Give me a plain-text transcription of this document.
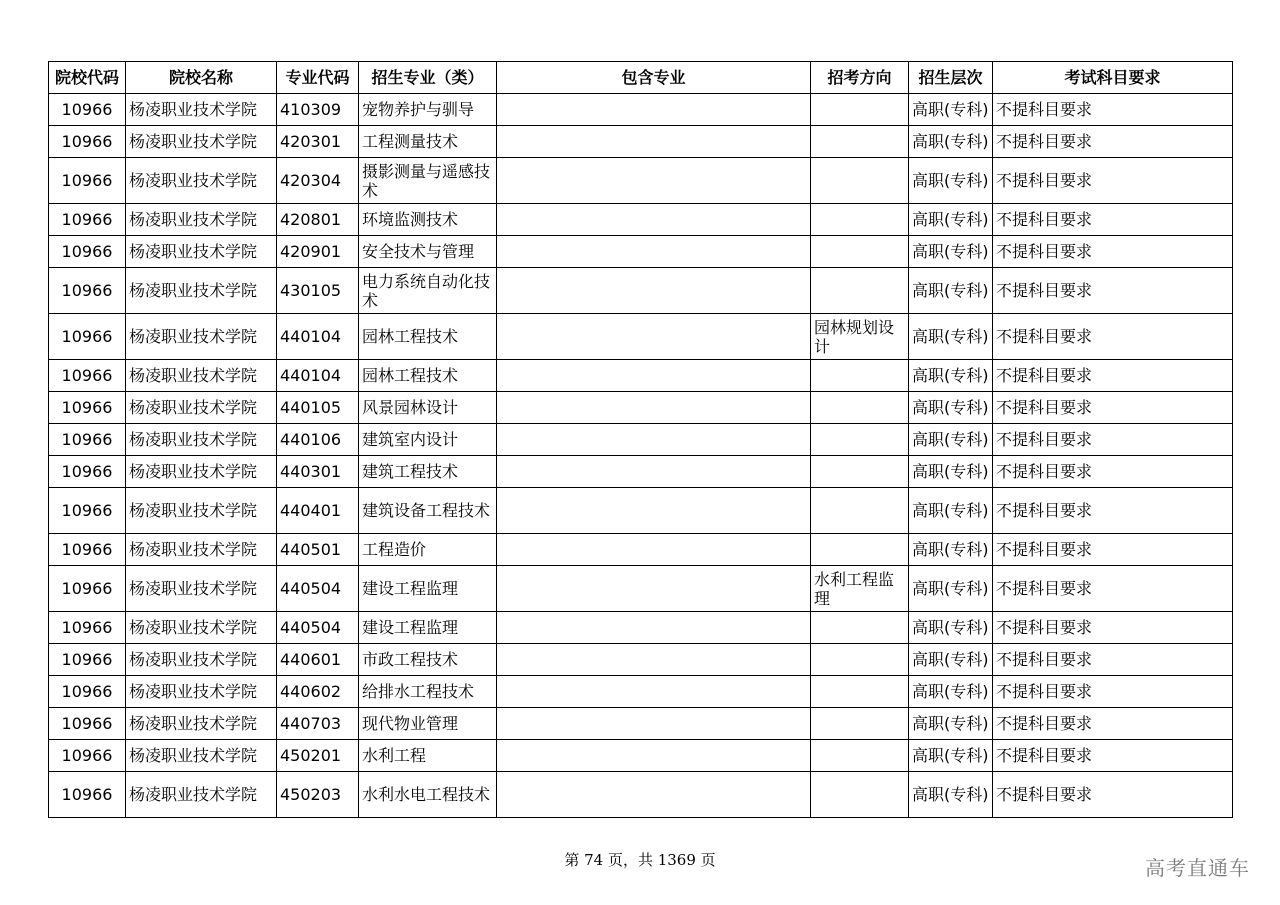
院校代码	院校名称	专业代码	招生专业（类）	包含专业	招考方向	招生层次	考试科目要求
10966	杨凌职业技术学院	410309	宠物养护与驯导			高职(专科)	不提科目要求
10966	杨凌职业技术学院	420301	工程测量技术			高职(专科)	不提科目要求
10966	杨凌职业技术学院	420304	摄影测量与遥感技术			高职(专科)	不提科目要求
10966	杨凌职业技术学院	420801	环境监测技术			高职(专科)	不提科目要求
10966	杨凌职业技术学院	420901	安全技术与管理			高职(专科)	不提科目要求
10966	杨凌职业技术学院	430105	电力系统自动化技术			高职(专科)	不提科目要求
10966	杨凌职业技术学院	440104	园林工程技术		园林规划设计	高职(专科)	不提科目要求
10966	杨凌职业技术学院	440104	园林工程技术			高职(专科)	不提科目要求
10966	杨凌职业技术学院	440105	风景园林设计			高职(专科)	不提科目要求
10966	杨凌职业技术学院	440106	建筑室内设计			高职(专科)	不提科目要求
10966	杨凌职业技术学院	440301	建筑工程技术			高职(专科)	不提科目要求
10966	杨凌职业技术学院	440401	建筑设备工程技术			高职(专科)	不提科目要求
10966	杨凌职业技术学院	440501	工程造价			高职(专科)	不提科目要求
10966	杨凌职业技术学院	440504	建设工程监理		水利工程监理	高职(专科)	不提科目要求
10966	杨凌职业技术学院	440504	建设工程监理			高职(专科)	不提科目要求
10966	杨凌职业技术学院	440601	市政工程技术			高职(专科)	不提科目要求
10966	杨凌职业技术学院	440602	给排水工程技术			高职(专科)	不提科目要求
10966	杨凌职业技术学院	440703	现代物业管理			高职(专科)	不提科目要求
10966	杨凌职业技术学院	450201	水利工程			高职(专科)	不提科目要求
10966	杨凌职业技术学院	450203	水利水电工程技术			高职(专科)	不提科目要求
第 74 页，共 1369 页	高考直通车
